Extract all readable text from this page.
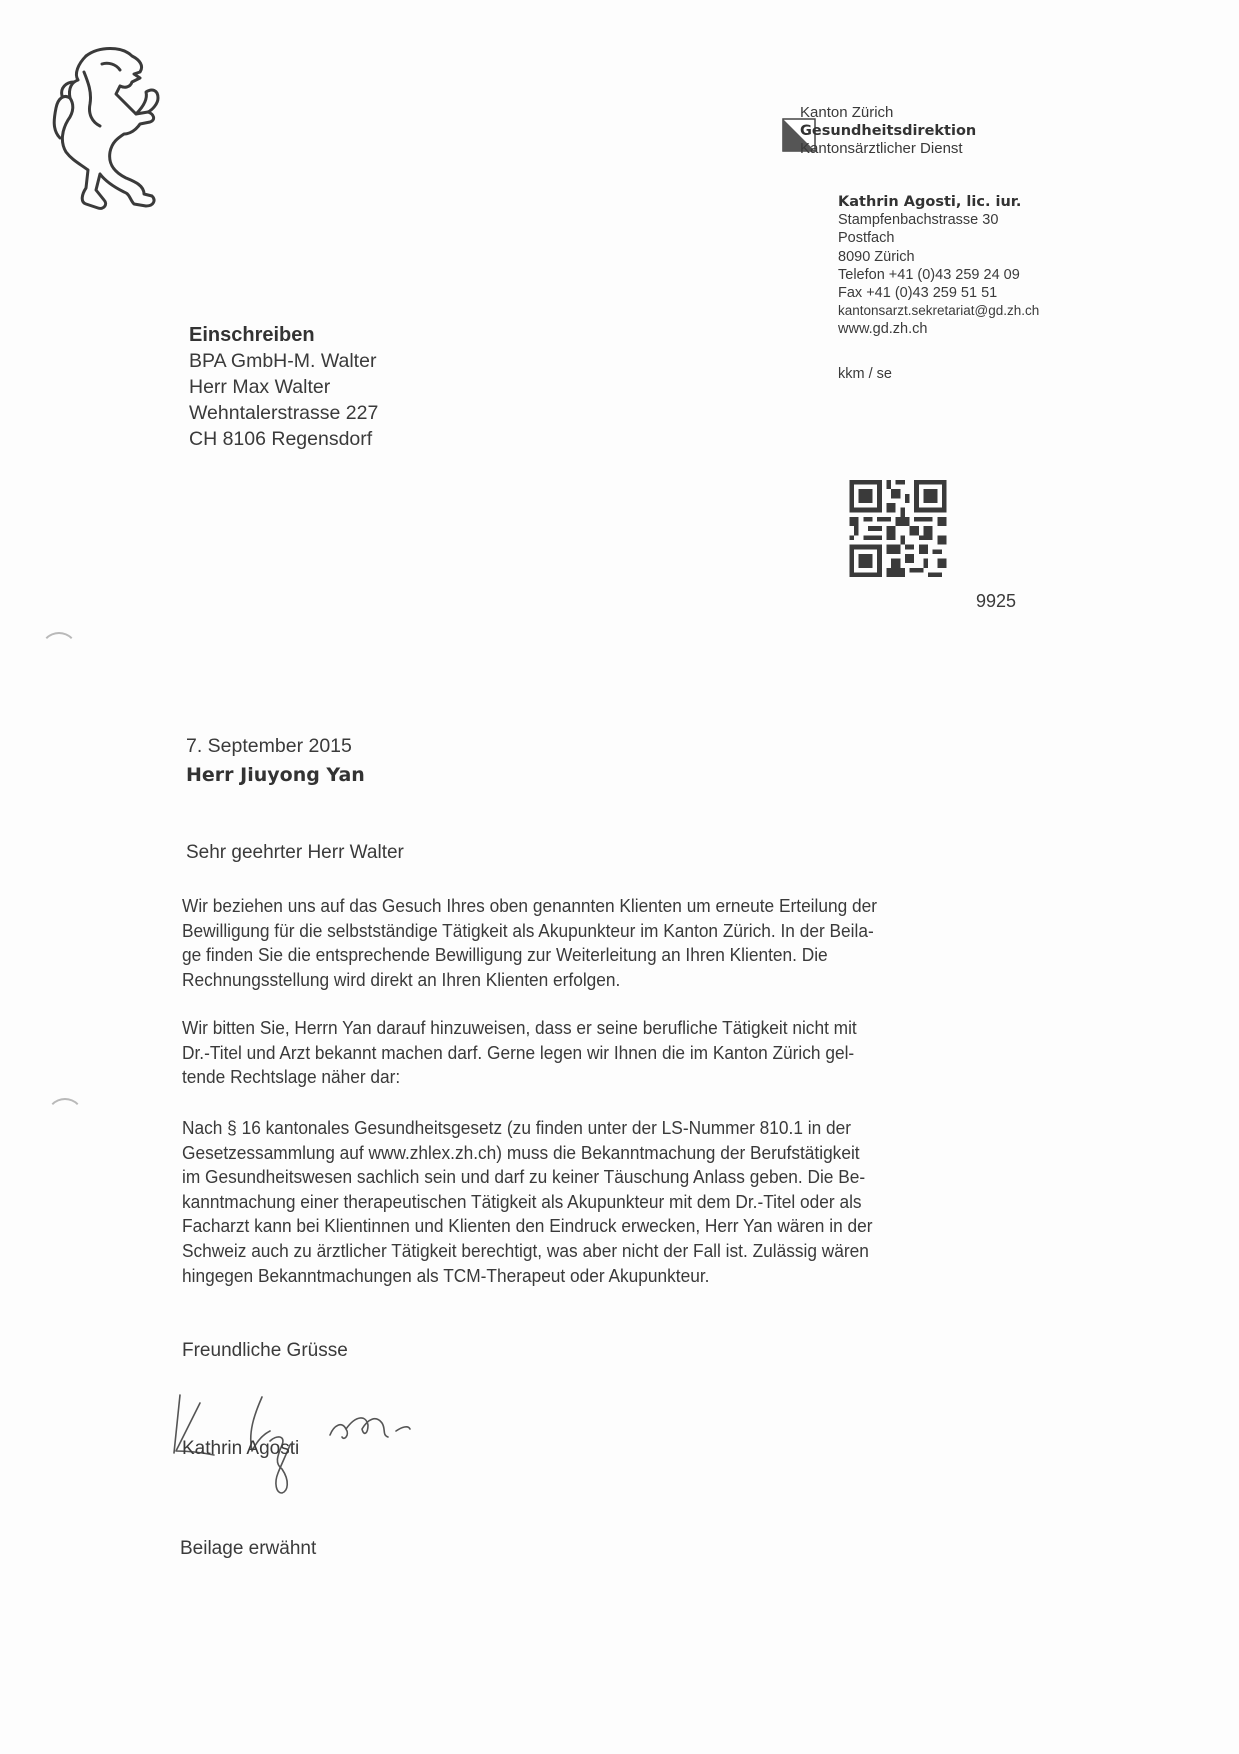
Kanton Zürich
Gesundheitsdirektion
Kantonsärztlicher Dienst
Kathrin Agosti, lic. iur.
Stampfenbachstrasse 30
Postfach
8090 Zürich
Telefon +41 (0)43 259 24 09
Fax +41 (0)43 259 51 51
kantonsarzt.sekretariat@gd.zh.ch
www.gd.zh.ch
kkm / se
Einschreiben
BPA GmbH-M. Walter
Herr Max Walter
Wehntalerstrasse 227
CH 8106 Regensdorf
9925
7. September 2015
Herr Jiuyong Yan
Sehr geehrter Herr Walter
Wir beziehen uns auf das Gesuch Ihres oben genannten Klienten um erneute Erteilung der
Bewilligung für die selbstständige Tätigkeit als Akupunkteur im Kanton Zürich. In der Beila-
ge finden Sie die entsprechende Bewilligung zur Weiterleitung an Ihren Klienten. Die
Rechnungsstellung wird direkt an Ihren Klienten erfolgen.
Wir bitten Sie, Herrn Yan darauf hinzuweisen, dass er seine berufliche Tätigkeit nicht mit
Dr.-Titel und Arzt bekannt machen darf. Gerne legen wir Ihnen die im Kanton Zürich gel-
tende Rechtslage näher dar:
Nach § 16 kantonales Gesundheitsgesetz (zu finden unter der LS-Nummer 810.1 in der
Gesetzessammlung auf www.zhlex.zh.ch) muss die Bekanntmachung der Berufstätigkeit
im Gesundheitswesen sachlich sein und darf zu keiner Täuschung Anlass geben. Die Be-
kanntmachung einer therapeutischen Tätigkeit als Akupunkteur mit dem Dr.-Titel oder als
Facharzt kann bei Klientinnen und Klienten den Eindruck erwecken, Herr Yan wären in der
Schweiz auch zu ärztlicher Tätigkeit berechtigt, was aber nicht der Fall ist. Zulässig wären
hingegen Bekanntmachungen als TCM-Therapeut oder Akupunkteur.
Freundliche Grüsse
Kathrin Agosti
Beilage erwähnt
